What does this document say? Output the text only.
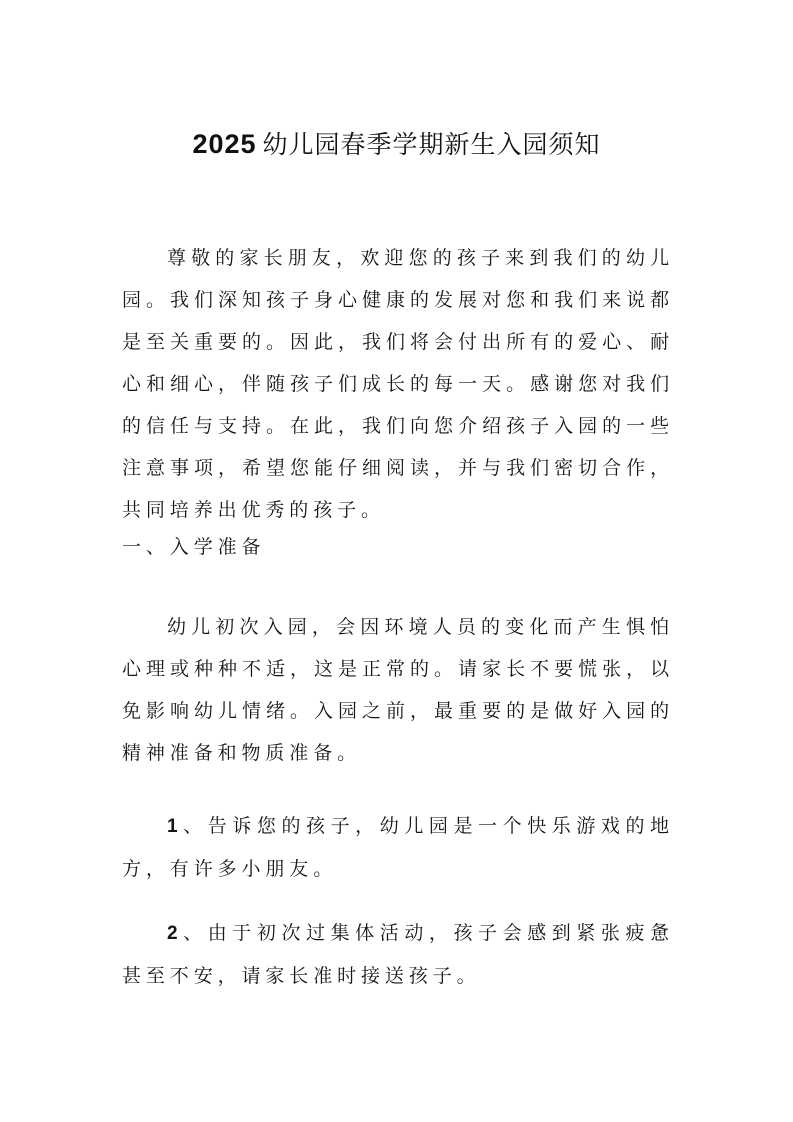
2025 幼儿园春季学期新生入园须知

尊敬的家长朋友，欢迎您的孩子来到我们的幼儿园。我们深知孩子身心健康的发展对您和我们来说都是至关重要的。因此，我们将会付出所有的爱心、耐心和细心，伴随孩子们成长的每一天。感谢您对我们的信任与支持。在此，我们向您介绍孩子入园的一些注意事项，希望您能仔细阅读，并与我们密切合作，共同培养出优秀的孩子。

一、入学准备

幼儿初次入园，会因环境人员的变化而产生惧怕心理或种种不适，这是正常的。请家长不要慌张，以免影响幼儿情绪。入园之前，最重要的是做好入园的精神准备和物质准备。

1、告诉您的孩子，幼儿园是一个快乐游戏的地方，有许多小朋友。

2、由于初次过集体活动，孩子会感到紧张疲惫甚至不安，请家长准时接送孩子。
